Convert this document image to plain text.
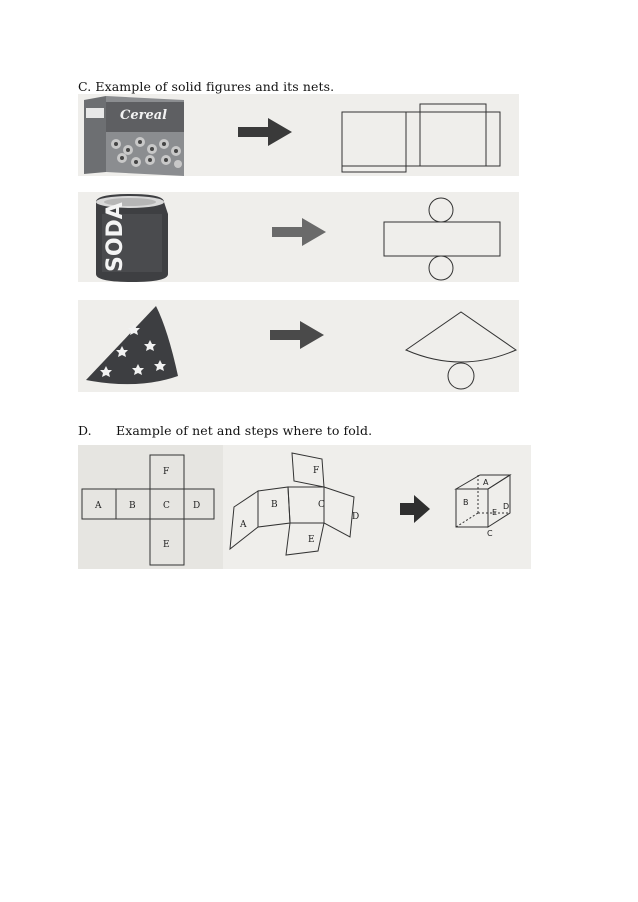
C. Example of solid figures and its nets.
Cereal
SODA
D. Example of net and steps where to fold.
A	B	C	D
E
F
A
B	C
D
E
F
A
B
C
D
E
